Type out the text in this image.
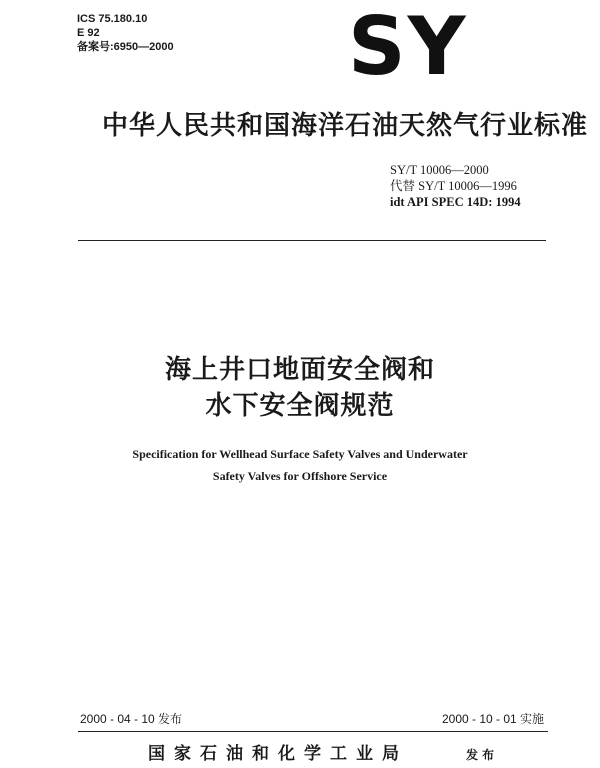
ICS 75.180.10
E 92
备案号:6950—2000 SY
中华人民共和国海洋石油天然气行业标准
SY/T 10006—2000
代替 SY/T 10006—1996
idt API SPEC 14D: 1994
海上井口地面安全阀和
水下安全阀规范
Specification for Wellhead Surface Safety Valves and Underwater
Safety Valves for Offshore Service
2000 - 04 - 10 发布	2000 - 10 - 01 实施
国家石油和化学工业局	发布
